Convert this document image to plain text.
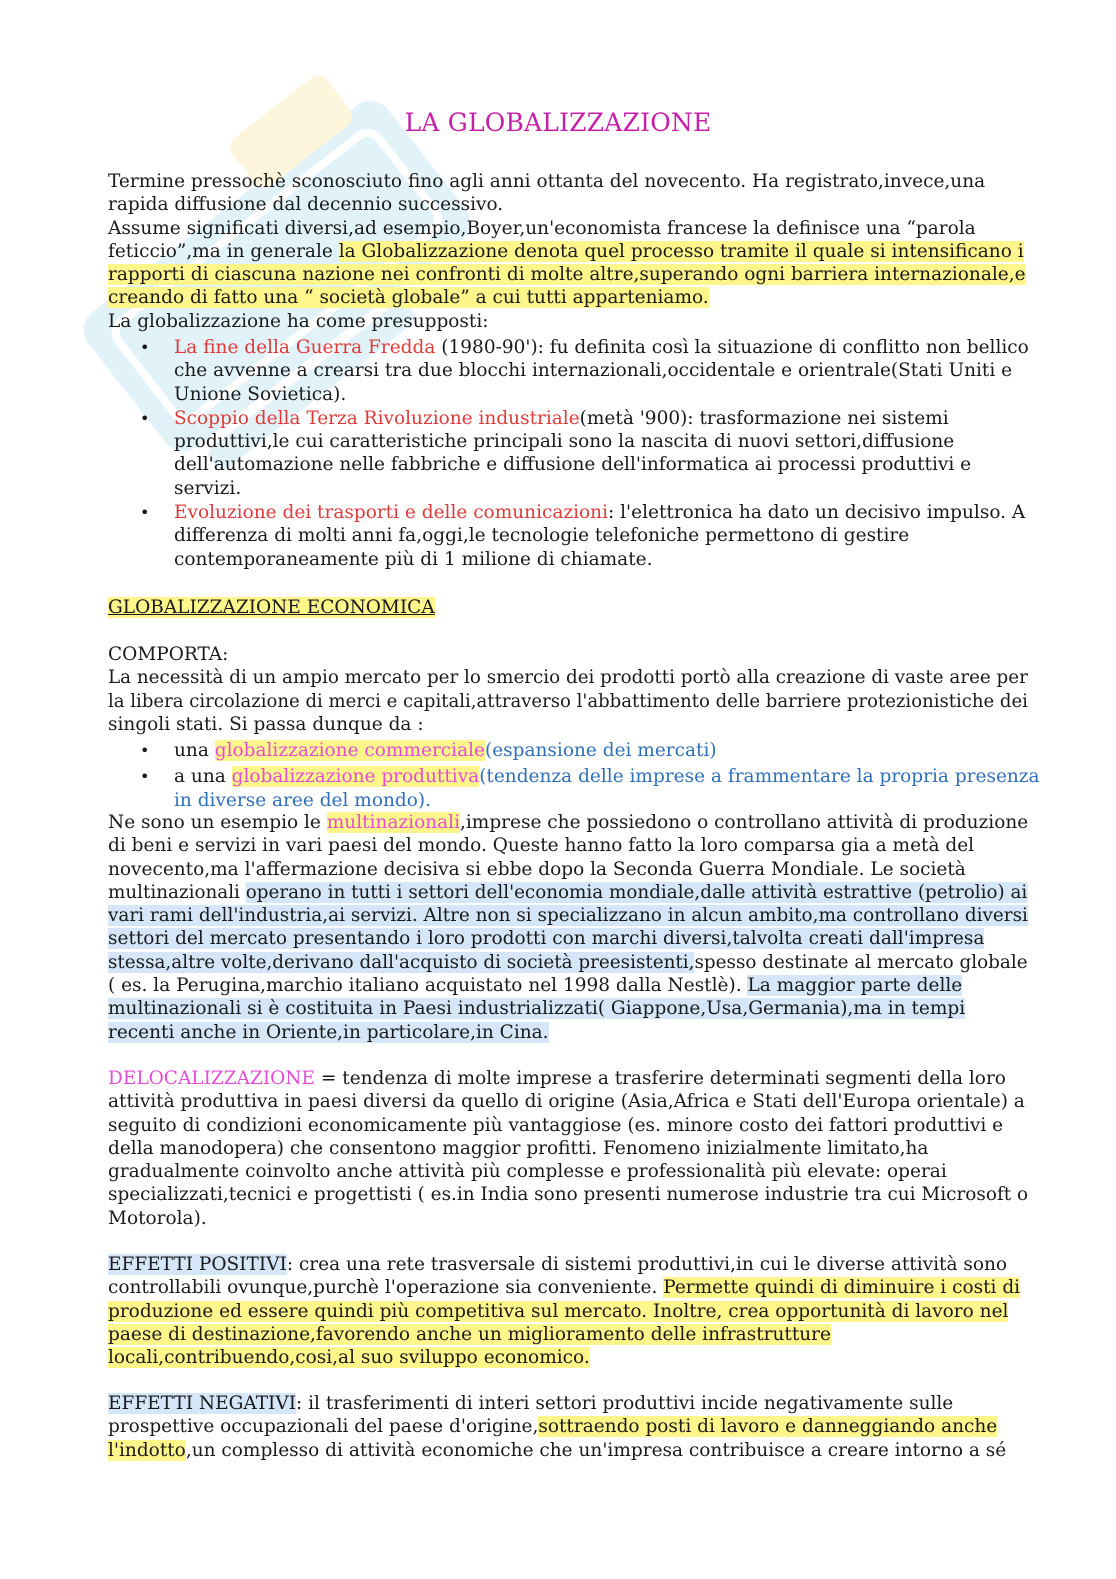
LA GLOBALIZZAZIONE
Termine pressochè sconosciuto fino agli anni ottanta del novecento. Ha registrato,invece,una
rapida diffusione dal decennio successivo.
Assume significati diversi,ad esempio,Boyer,un'economista francese la definisce una “parola
feticcio”,ma in generale la Globalizzazione denota quel processo tramite il quale si intensificano i
rapporti di ciascuna nazione nei confronti di molte altre,superando ogni barriera internazionale,e
creando di fatto una “ società globale” a cui tutti apparteniamo.
La globalizzazione ha come presupposti:
•	La fine della Guerra Fredda (1980-90'): fu definita così la situazione di conflitto non bellico
che avvenne a crearsi tra due blocchi internazionali,occidentale e orientrale(Stati Uniti e
Unione Sovietica).
•	Scoppio della Terza Rivoluzione industriale(metà '900): trasformazione nei sistemi
produttivi,le cui caratteristiche principali sono la nascita di nuovi settori,diffusione
dell'automazione nelle fabbriche e diffusione dell'informatica ai processi produttivi e
servizi.
•	Evoluzione dei trasporti e delle comunicazioni: l'elettronica ha dato un decisivo impulso. A
differenza di molti anni fa,oggi,le tecnologie telefoniche permettono di gestire
contemporaneamente più di 1 milione di chiamate.
GLOBALIZZAZIONE ECONOMICA
COMPORTA:
La necessità di un ampio mercato per lo smercio dei prodotti portò alla creazione di vaste aree per
la libera circolazione di merci e capitali,attraverso l'abbattimento delle barriere protezionistiche dei
singoli stati. Si passa dunque da :
•	una globalizzazione commerciale(espansione dei mercati)
•	a una globalizzazione produttiva(tendenza delle imprese a frammentare la propria presenza
in diverse aree del mondo).
Ne sono un esempio le multinazionali,imprese che possiedono o controllano attività di produzione
di beni e servizi in vari paesi del mondo. Queste hanno fatto la loro comparsa gia a metà del
novecento,ma l'affermazione decisiva si ebbe dopo la Seconda Guerra Mondiale. Le società
multinazionali operano in tutti i settori dell'economia mondiale,dalle attività estrattive (petrolio) ai
vari rami dell'industria,ai servizi. Altre non si specializzano in alcun ambito,ma controllano diversi
settori del mercato presentando i loro prodotti con marchi diversi,talvolta creati dall'impresa
stessa,altre volte,derivano dall'acquisto di società preesistenti,spesso destinate al mercato globale
( es. la Perugina,marchio italiano acquistato nel 1998 dalla Nestlè). La maggior parte delle
multinazionali si è costituita in Paesi industrializzati( Giappone,Usa,Germania),ma in tempi
recenti anche in Oriente,in particolare,in Cina.
DELOCALIZZAZIONE = tendenza di molte imprese a trasferire determinati segmenti della loro
attività produttiva in paesi diversi da quello di origine (Asia,Africa e Stati dell'Europa orientale) a
seguito di condizioni economicamente più vantaggiose (es. minore costo dei fattori produttivi e
della manodopera) che consentono maggior profitti. Fenomeno inizialmente limitato,ha
gradualmente coinvolto anche attività più complesse e professionalità più elevate: operai
specializzati,tecnici e progettisti ( es.in India sono presenti numerose industrie tra cui Microsoft o
Motorola).
EFFETTI POSITIVI: crea una rete trasversale di sistemi produttivi,in cui le diverse attività sono
controllabili ovunque,purchè l'operazione sia conveniente. Permette quindi di diminuire i costi di
produzione ed essere quindi più competitiva sul mercato. Inoltre, crea opportunità di lavoro nel
paese di destinazione,favorendo anche un miglioramento delle infrastrutture
locali,contribuendo,cosi,al suo sviluppo economico.
EFFETTI NEGATIVI: il trasferimenti di interi settori produttivi incide negativamente sulle
prospettive occupazionali del paese d'origine,sottraendo posti di lavoro e danneggiando anche
l'indotto,un complesso di attività economiche che un'impresa contribuisce a creare intorno a sé
